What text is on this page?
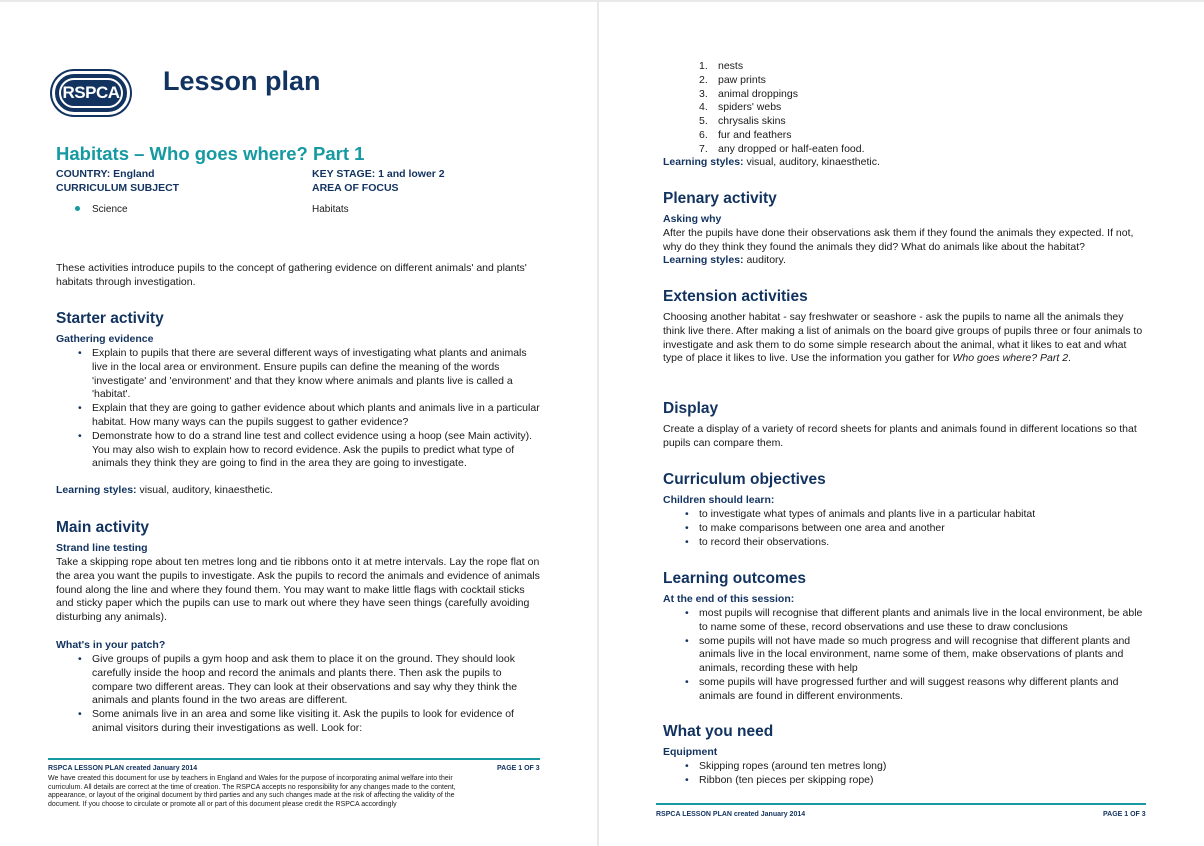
RSPCA Lesson plan
Habitats – Who goes where? Part 1
COUNTRY: England	KEY STAGE: 1 and lower 2
CURRICULUM SUBJECT	AREA OF FOCUS
Science	Habitats
These activities introduce pupils to the concept of gathering evidence on different animals' and plants' habitats through investigation.
Starter activity
Gathering evidence
• Explain to pupils that there are several different ways of investigating what plants and animals live in the local area or environment. Ensure pupils can define the meaning of the words 'investigate' and 'environment' and that they know where animals and plants live is called a 'habitat'.
• Explain that they are going to gather evidence about which plants and animals live in a particular habitat. How many ways can the pupils suggest to gather evidence?
• Demonstrate how to do a strand line test and collect evidence using a hoop (see Main activity). You may also wish to explain how to record evidence. Ask the pupils to predict what type of animals they think they are going to find in the area they are going to investigate.
Learning styles: visual, auditory, kinaesthetic.
Main activity
Strand line testing
Take a skipping rope about ten metres long and tie ribbons onto it at metre intervals. Lay the rope flat on the area you want the pupils to investigate. Ask the pupils to record the animals and evidence of animals found along the line and where they found them. You may want to make little flags with cocktail sticks and sticky paper which the pupils can use to mark out where they have seen things (carefully avoiding disturbing any animals).
What's in your patch?
• Give groups of pupils a gym hoop and ask them to place it on the ground. They should look carefully inside the hoop and record the animals and plants there. Then ask the pupils to compare two different areas. They can look at their observations and say why they think the animals and plants found in the two areas are different.
• Some animals live in an area and some like visiting it. Ask the pupils to look for evidence of animal visitors during their investigations as well. Look for:
RSPCA LESSON PLAN created January 2014	PAGE 1 OF 3
We have created this document for use by teachers in England and Wales for the purpose of incorporating animal welfare into their curriculum. All details are correct at the time of creation. The RSPCA accepts no responsibility for any changes made to the content, appearance, or layout of the original document by third parties and any such changes made at the risk of affecting the validity of the document. If you choose to circulate or promote all or part of this document please credit the RSPCA accordingly
1. nests
2. paw prints
3. animal droppings
4. spiders' webs
5. chrysalis skins
6. fur and feathers
7. any dropped or half-eaten food.
Learning styles: visual, auditory, kinaesthetic.
Plenary activity
Asking why
After the pupils have done their observations ask them if they found the animals they expected. If not, why do they think they found the animals they did? What do animals like about the habitat?
Learning styles: auditory.
Extension activities
Choosing another habitat - say freshwater or seashore - ask the pupils to name all the animals they think live there. After making a list of animals on the board give groups of pupils three or four animals to investigate and ask them to do some simple research about the animal, what it likes to eat and what type of place it likes to live. Use the information you gather for Who goes where? Part 2.
Display
Create a display of a variety of record sheets for plants and animals found in different locations so that pupils can compare them.
Curriculum objectives
Children should learn:
• to investigate what types of animals and plants live in a particular habitat
• to make comparisons between one area and another
• to record their observations.
Learning outcomes
At the end of this session:
• most pupils will recognise that different plants and animals live in the local environment, be able to name some of these, record observations and use these to draw conclusions
• some pupils will not have made so much progress and will recognise that different plants and animals live in the local environment, name some of them, make observations of plants and animals, recording these with help
• some pupils will have progressed further and will suggest reasons why different plants and animals are found in different environments.
What you need
Equipment
• Skipping ropes (around ten metres long)
• Ribbon (ten pieces per skipping rope)
RSPCA LESSON PLAN created January 2014	PAGE 1 OF 3
